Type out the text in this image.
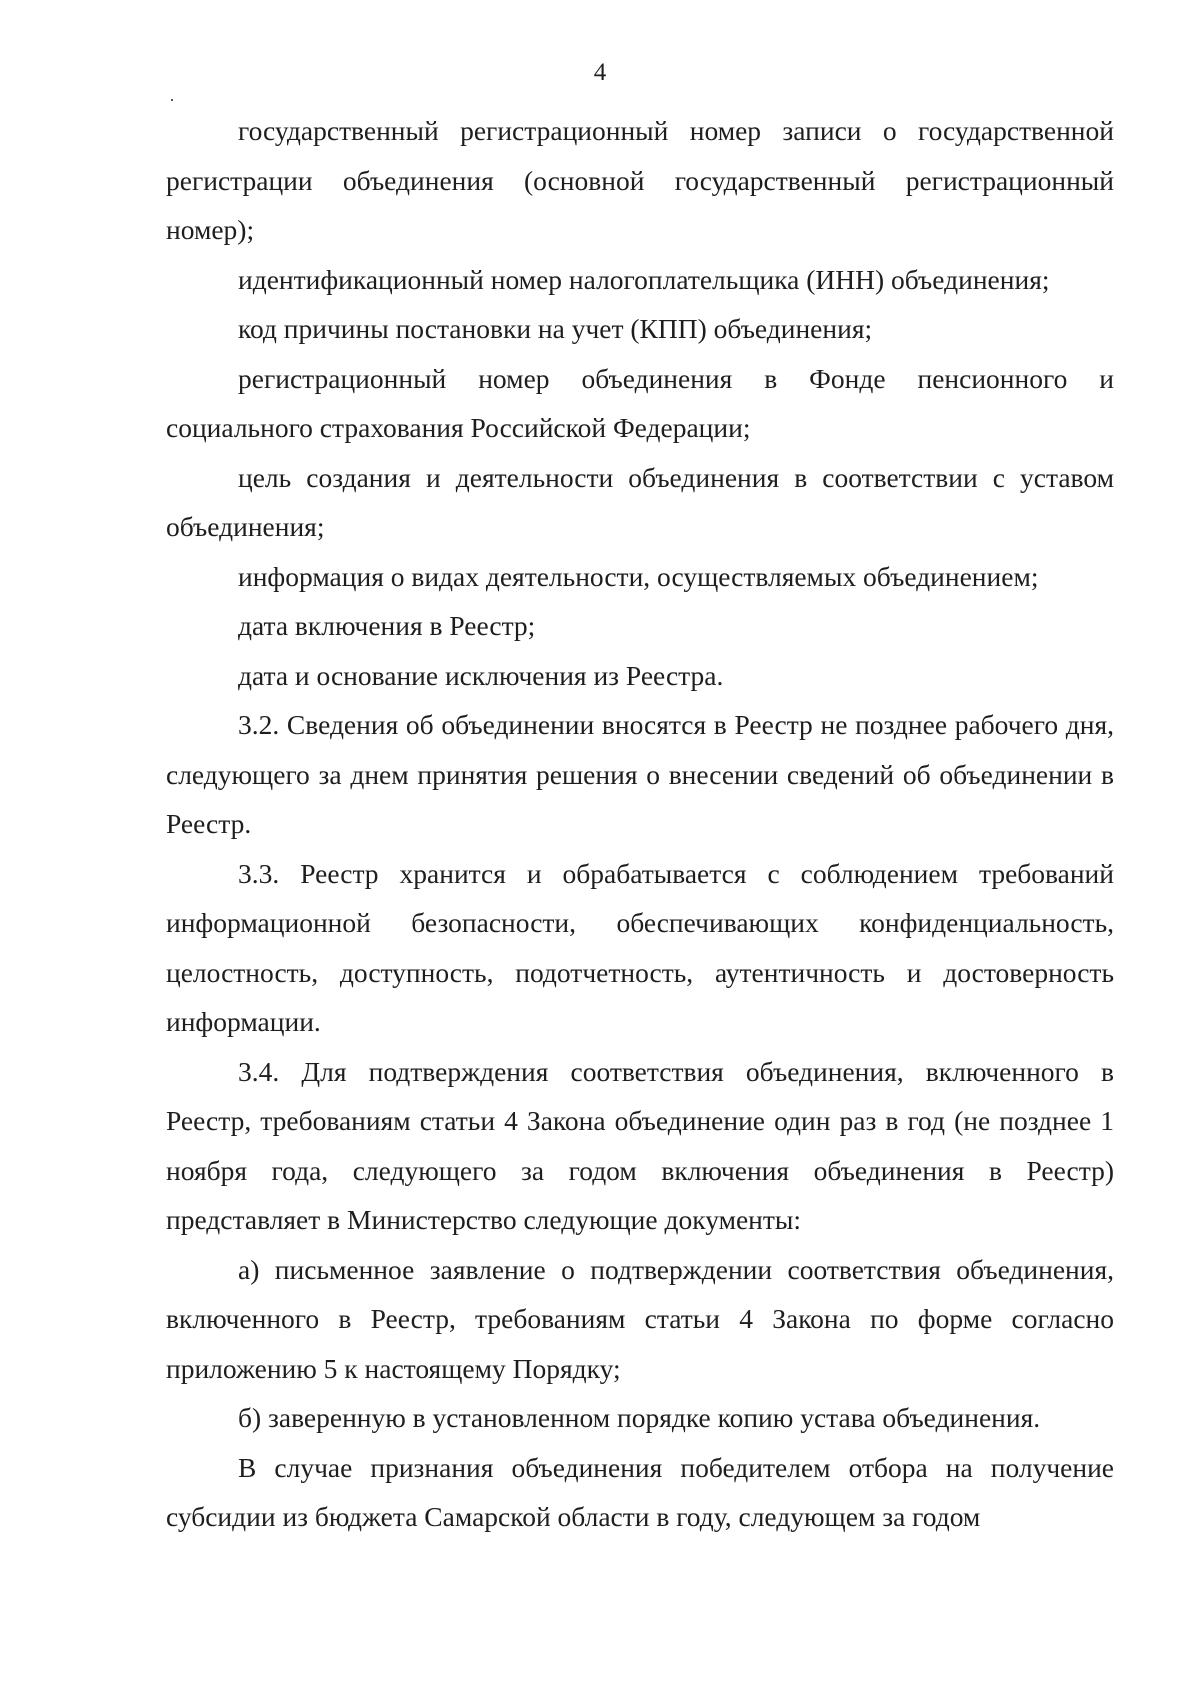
4

государственный регистрационный номер записи о государственной регистрации объединения (основной государственный регистрационный номер);

идентификационный номер налогоплательщика (ИНН) объединения;

код причины постановки на учет (КПП) объединения;

регистрационный номер объединения в Фонде пенсионного и социального страхования Российской Федерации;

цель создания и деятельности объединения в соответствии с уставом объединения;

информация о видах деятельности, осуществляемых объединением;

дата включения в Реестр;

дата и основание исключения из Реестра.

3.2. Сведения об объединении вносятся в Реестр не позднее рабочего дня, следующего за днем принятия решения о внесении сведений об объединении в Реестр.

3.3. Реестр хранится и обрабатывается с соблюдением требований информационной безопасности, обеспечивающих конфиденциальность, целостность, доступность, подотчетность, аутентичность и достоверность информации.

3.4. Для подтверждения соответствия объединения, включенного в Реестр, требованиям статьи 4 Закона объединение один раз в год (не позднее 1 ноября года, следующего за годом включения объединения в Реестр) представляет в Министерство следующие документы:

а) письменное заявление о подтверждении соответствия объединения, включенного в Реестр, требованиям статьи 4 Закона по форме согласно приложению 5 к настоящему Порядку;

б) заверенную в установленном порядке копию устава объединения.

В случае признания объединения победителем отбора на получение субсидии из бюджета Самарской области в году, следующем за годом
